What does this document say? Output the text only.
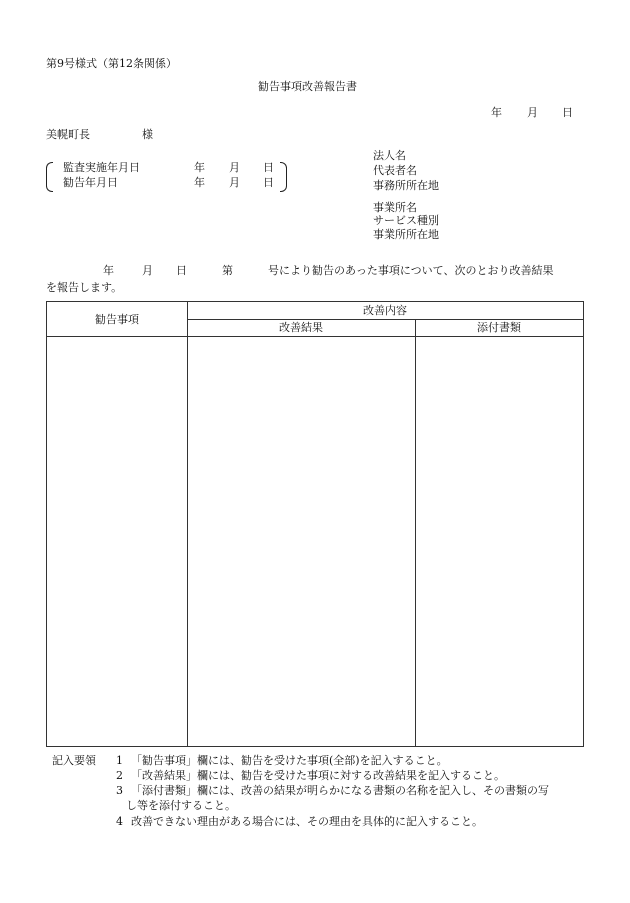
第9号様式（第12条関係）
勧告事項改善報告書
年 月 日
美幌町長	様
監査実施年月日	年 月 日
勧告年月日	年 月 日
法人名
代表者名
事務所所在地
事業所名
サービス種別
事業所所在地
年	月 日	第	号により勧告のあった事項について、次のとおり改善結果
を報告します。
勧告事項
改善内容
改善結果	添付書類
記入要領 1 「勧告事項」欄には、勧告を受けた事項(全部)を記入すること。
2 「改善結果」欄には、勧告を受けた事項に対する改善結果を記入すること。
3 「添付書類」欄には、改善の結果が明らかになる書類の名称を記入し、その書類の写
し等を添付すること。
4 改善できない理由がある場合には、その理由を具体的に記入すること。
